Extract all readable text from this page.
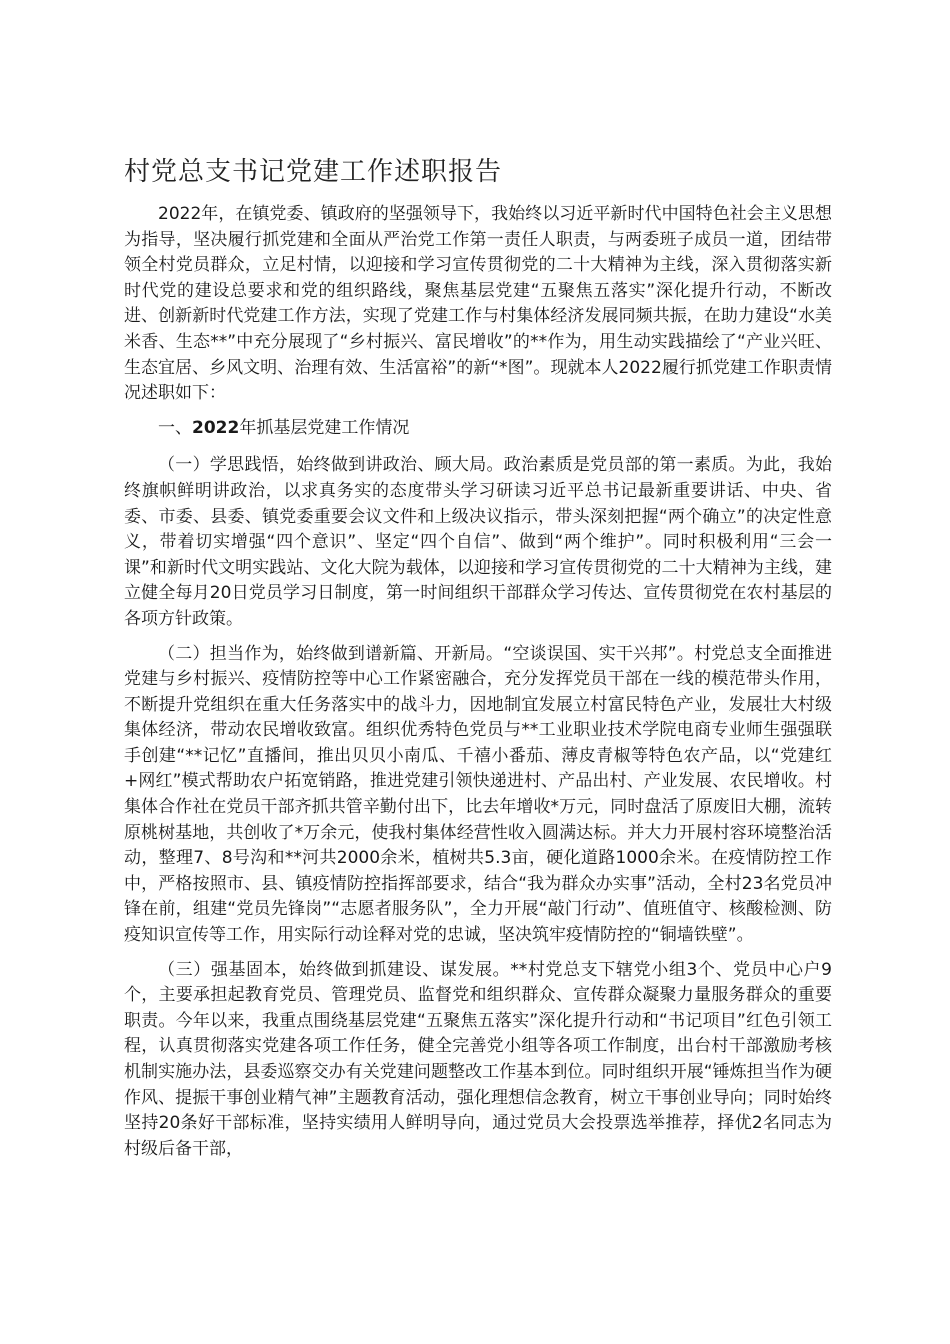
村党总支书记党建工作述职报告

2022年，在镇党委、镇政府的坚强领导下，我始终以习近平新时代中国特色社会主义思想为指导，坚决履行抓党建和全面从严治党工作第一责任人职责，与两委班子成员一道，团结带领全村党员群众，立足村情，以迎接和学习宣传贯彻党的二十大精神为主线，深入贯彻落实新时代党的建设总要求和党的组织路线，聚焦基层党建“五聚焦五落实”深化提升行动，不断改进、创新新时代党建工作方法，实现了党建工作与村集体经济发展同频共振，在助力建设“水美米香、生态**”中充分展现了“乡村振兴、富民增收”的**作为，用生动实践描绘了“产业兴旺、生态宜居、乡风文明、治理有效、生活富裕”的新“*图”。现就本人2022履行抓党建工作职责情况述职如下：

一、2022年抓基层党建工作情况

（一）学思践悟，始终做到讲政治、顾大局。政治素质是党员部的第一素质。为此，我始终旗帜鲜明讲政治，以求真务实的态度带头学习研读习近平总书记最新重要讲话、中央、省委、市委、县委、镇党委重要会议文件和上级决议指示，带头深刻把握“两个确立”的决定性意义，带着切实增强“四个意识”、坚定“四个自信”、做到“两个维护”。同时积极利用“三会一课”和新时代文明实践站、文化大院为载体，以迎接和学习宣传贯彻党的二十大精神为主线，建立健全每月20日党员学习日制度，第一时间组织干部群众学习传达、宣传贯彻党在农村基层的各项方针政策。

（二）担当作为，始终做到谱新篇、开新局。“空谈误国、实干兴邦”。村党总支全面推进党建与乡村振兴、疫情防控等中心工作紧密融合，充分发挥党员干部在一线的模范带头作用，不断提升党组织在重大任务落实中的战斗力，因地制宜发展立村富民特色产业，发展壮大村级集体经济，带动农民增收致富。组织优秀特色党员与**工业职业技术学院电商专业师生强强联手创建“**记忆”直播间，推出贝贝小南瓜、千禧小番茄、薄皮青椒等特色农产品，以“党建红+网红”模式帮助农户拓宽销路，推进党建引领快递进村、产品出村、产业发展、农民增收。村集体合作社在党员干部齐抓共管辛勤付出下，比去年增收*万元，同时盘活了原废旧大棚，流转原桃树基地，共创收了*万余元，使我村集体经营性收入圆满达标。并大力开展村容环境整治活动，整理7、8号沟和**河共2000余米，植树共5.3亩，硬化道路1000余米。在疫情防控工作中，严格按照市、县、镇疫情防控指挥部要求，结合“我为群众办实事”活动，全村23名党员冲锋在前，组建“党员先锋岗”“志愿者服务队”，全力开展“敲门行动”、值班值守、核酸检测、防疫知识宣传等工作，用实际行动诠释对党的忠诚，坚决筑牢疫情防控的“铜墙铁壁”。

（三）强基固本，始终做到抓建设、谋发展。**村党总支下辖党小组3个、党员中心户9个，主要承担起教育党员、管理党员、监督党和组织群众、宣传群众凝聚力量服务群众的重要职责。今年以来，我重点围绕基层党建“五聚焦五落实”深化提升行动和“书记项目”红色引领工程，认真贯彻落实党建各项工作任务，健全完善党小组等各项工作制度，出台村干部激励考核机制实施办法，县委巡察交办有关党建问题整改工作基本到位。同时组织开展“锤炼担当作为硬作风、提振干事创业精气神”主题教育活动，强化理想信念教育，树立干事创业导向；同时始终坚持20条好干部标准，坚持实绩用人鲜明导向，通过党员大会投票选举推荐，择优2名同志为村级后备干部，
